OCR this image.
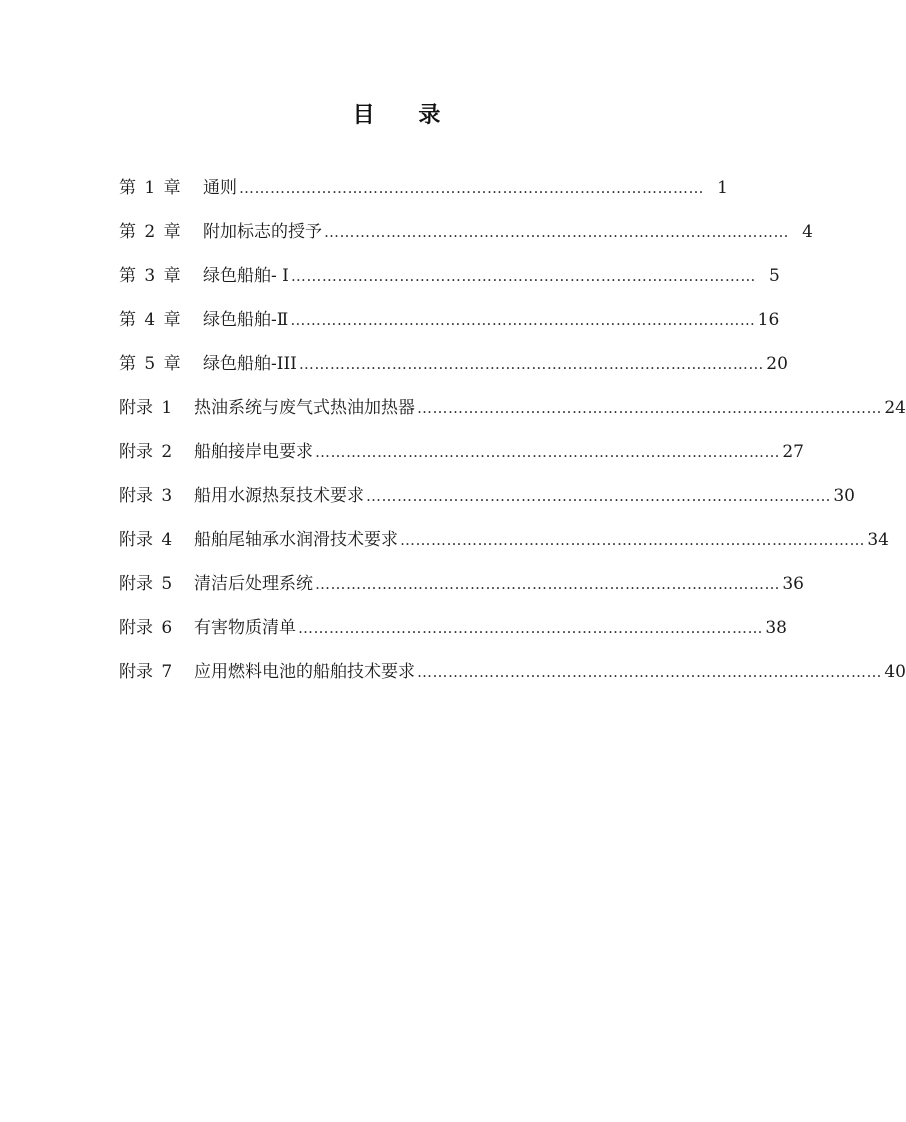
目 录
第 1 章	通则 ……………………………………………………………………………… 1
第 2 章	附加标志的授予 ……………………………………………………………………………… 4
第 3 章	绿色船舶- I ……………………………………………………………………………… 5
第 4 章	绿色船舶-Ⅱ ……………………………………………………………………………… 16
第 5 章	绿色船舶-III ……………………………………………………………………………… 20
附录 1	热油系统与废气式热油加热器 ……………………………………………………………………………… 24
附录 2	船舶接岸电要求 ……………………………………………………………………………… 27
附录 3	船用水源热泵技术要求 ……………………………………………………………………………… 30
附录 4	船舶尾轴承水润滑技术要求 ……………………………………………………………………………… 34
附录 5	清洁后处理系统 ……………………………………………………………………………… 36
附录 6	有害物质清单 ……………………………………………………………………………… 38
附录 7	应用燃料电池的船舶技术要求 ……………………………………………………………………………… 40
